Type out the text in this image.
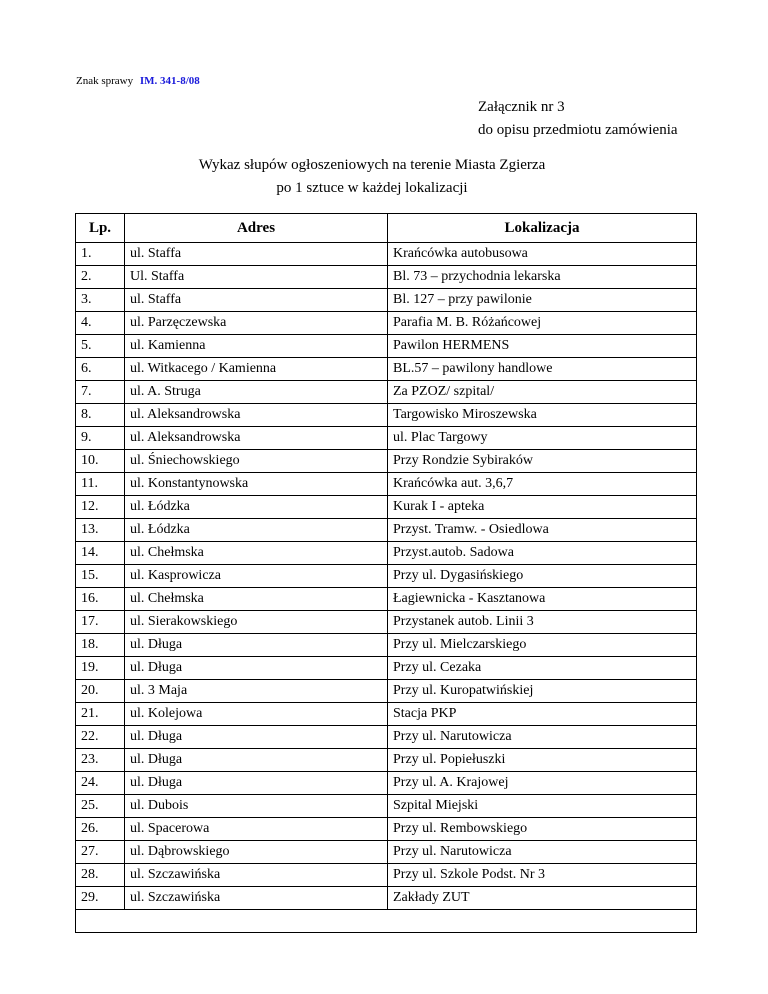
Znak sprawy IM. 341-8/08
Załącznik nr 3
do opisu przedmiotu zamówienia
Wykaz słupów ogłoszeniowych na terenie Miasta Zgierza
po 1 sztuce w każdej lokalizacji
Lp.	Adres	Lokalizacja
1.	ul. Staffa	Krańcówka autobusowa
2.	Ul. Staffa	Bl. 73 – przychodnia lekarska
3.	ul. Staffa	Bl. 127 – przy pawilonie
4.	ul. Parzęczewska	Parafia M. B. Różańcowej
5.	ul. Kamienna	Pawilon HERMENS
6.	ul. Witkacego / Kamienna	BL.57 – pawilony handlowe
7.	ul. A. Struga	Za PZOZ/ szpital/
8.	ul. Aleksandrowska	Targowisko Miroszewska
9.	ul. Aleksandrowska	ul. Plac Targowy
10.	ul. Śniechowskiego	Przy Rondzie Sybiraków
11.	ul. Konstantynowska	Krańcówka aut. 3,6,7
12.	ul. Łódzka	Kurak I - apteka
13.	ul. Łódzka	Przyst. Tramw. - Osiedlowa
14.	ul. Chełmska	Przyst.autob. Sadowa
15.	ul. Kasprowicza	Przy ul. Dygasińskiego
16.	ul. Chełmska	Łagiewnicka - Kasztanowa
17.	ul. Sierakowskiego	Przystanek autob. Linii 3
18.	ul. Długa	Przy ul. Mielczarskiego
19.	ul. Długa	Przy ul. Cezaka
20.	ul. 3 Maja	Przy ul. Kuropatwińskiej
21.	ul. Kolejowa	Stacja PKP
22.	ul. Długa	Przy ul. Narutowicza
23.	ul. Długa	Przy ul. Popiełuszki
24.	ul. Długa	Przy ul. A. Krajowej
25.	ul. Dubois	Szpital Miejski
26.	ul. Spacerowa	Przy ul. Rembowskiego
27.	ul. Dąbrowskiego	Przy ul. Narutowicza
28.	ul. Szczawińska	Przy ul. Szkole Podst. Nr 3
29.	ul. Szczawińska	Zakłady ZUT
